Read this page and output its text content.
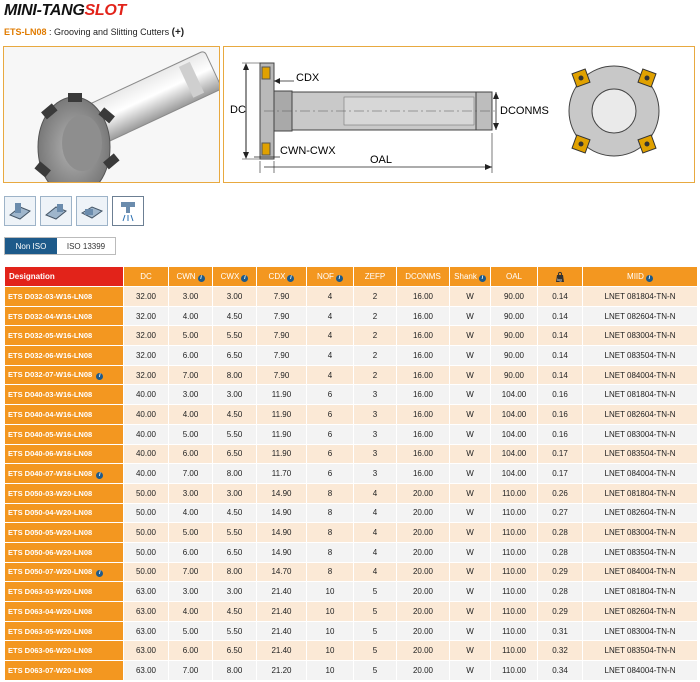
MINI-TANGSLOT
ETS-LN08 : Grooving and Slitting Cutters (+)
DC
CDX
DCONMS
CWN-CWX
OAL
Non ISO	ISO 13399
Designation	DC	CWN i	CWX i	CDX i	NOF i	ZEFP	DCONMS	Shank i	OAL	kg	MIID i
ETS D032-03-W16-LN08	32.00	3.00	3.00	7.90	4	2	16.00	W	90.00	0.14	LNET 081804-TN-N
ETS D032-04-W16-LN08	32.00	4.00	4.50	7.90	4	2	16.00	W	90.00	0.14	LNET 082604-TN-N
ETS D032-05-W16-LN08	32.00	5.00	5.50	7.90	4	2	16.00	W	90.00	0.14	LNET 083004-TN-N
ETS D032-06-W16-LN08	32.00	6.00	6.50	7.90	4	2	16.00	W	90.00	0.14	LNET 083504-TN-N
ETS D032-07-W16-LN08 i	32.00	7.00	8.00	7.90	4	2	16.00	W	90.00	0.14	LNET 084004-TN-N
ETS D040-03-W16-LN08	40.00	3.00	3.00	11.90	6	3	16.00	W	104.00	0.16	LNET 081804-TN-N
ETS D040-04-W16-LN08	40.00	4.00	4.50	11.90	6	3	16.00	W	104.00	0.16	LNET 082604-TN-N
ETS D040-05-W16-LN08	40.00	5.00	5.50	11.90	6	3	16.00	W	104.00	0.16	LNET 083004-TN-N
ETS D040-06-W16-LN08	40.00	6.00	6.50	11.90	6	3	16.00	W	104.00	0.17	LNET 083504-TN-N
ETS D040-07-W16-LN08 i	40.00	7.00	8.00	11.70	6	3	16.00	W	104.00	0.17	LNET 084004-TN-N
ETS D050-03-W20-LN08	50.00	3.00	3.00	14.90	8	4	20.00	W	110.00	0.26	LNET 081804-TN-N
ETS D050-04-W20-LN08	50.00	4.00	4.50	14.90	8	4	20.00	W	110.00	0.27	LNET 082604-TN-N
ETS D050-05-W20-LN08	50.00	5.00	5.50	14.90	8	4	20.00	W	110.00	0.28	LNET 083004-TN-N
ETS D050-06-W20-LN08	50.00	6.00	6.50	14.90	8	4	20.00	W	110.00	0.28	LNET 083504-TN-N
ETS D050-07-W20-LN08 i	50.00	7.00	8.00	14.70	8	4	20.00	W	110.00	0.29	LNET 084004-TN-N
ETS D063-03-W20-LN08	63.00	3.00	3.00	21.40	10	5	20.00	W	110.00	0.28	LNET 081804-TN-N
ETS D063-04-W20-LN08	63.00	4.00	4.50	21.40	10	5	20.00	W	110.00	0.29	LNET 082604-TN-N
ETS D063-05-W20-LN08	63.00	5.00	5.50	21.40	10	5	20.00	W	110.00	0.31	LNET 083004-TN-N
ETS D063-06-W20-LN08	63.00	6.00	6.50	21.40	10	5	20.00	W	110.00	0.32	LNET 083504-TN-N
ETS D063-07-W20-LN08	63.00	7.00	8.00	21.20	10	5	20.00	W	110.00	0.34	LNET 084004-TN-N
